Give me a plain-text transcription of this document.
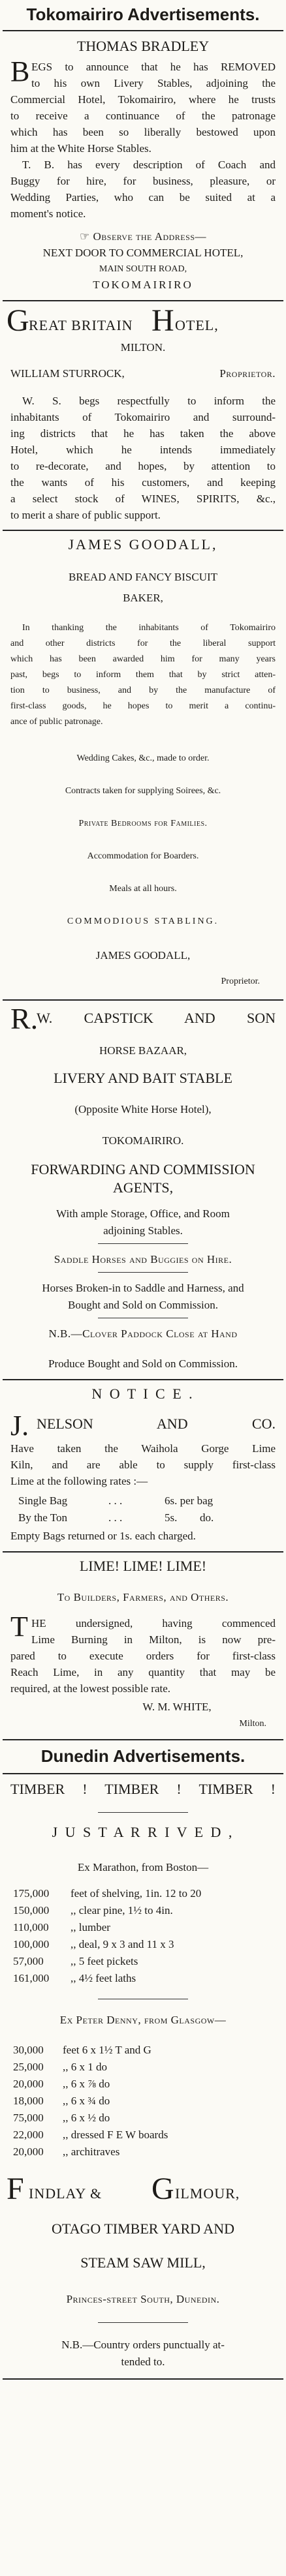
Tokomairiro Advertisements.
THOMAS BRADLEY
B EGS to announce that he has REMOVED
to his own Livery Stables, adjoining the
Commercial Hotel, Tokomairiro, where he trusts
to receive a continuance of the patronage
which has been so liberally bestowed upon
him at the White Horse Stables.
T. B. has every description of Coach and
Buggy for hire, for business, pleasure, or
Wedding Parties, who can be suited at a
moment's notice.
☞ Observe the Address—
NEXT DOOR TO COMMERCIAL HOTEL,
MAIN SOUTH ROAD,
TOKOMAIRIRO
G REAT BRITAIN H OTEL,
MILTON.
WILLIAM STURROCK,	Proprietor.
W. S. begs respectfully to inform the
inhabitants of Tokomairiro and surround-
ing districts that he has taken the above
Hotel, which he intends immediately
to re-decorate, and hopes, by attention to
the wants of his customers, and keeping
a select stock of WINES, SPIRITS, &c.,
to merit a share of public support.
JAMES GOODALL,
BREAD AND FANCY BISCUIT
BAKER,
In thanking the inhabitants of Tokomairiro
and other districts for the liberal support
which has been awarded him for many years
past, begs to inform them that by strict atten-
tion to business, and by the manufacture of
first-class goods, he hopes to merit a continu-
ance of public patronage.
Wedding Cakes, &c., made to order.
Contracts taken for supplying Soirees, &c.
Private Bedrooms for Families.
Accommodation for Boarders.
Meals at all hours.
COMMODIOUS STABLING.
JAMES GOODALL,
Proprietor.
R.
W. CAPSTICK AND SON
HORSE BAZAAR,
LIVERY AND BAIT STABLE
(Opposite White Horse Hotel),
TOKOMAIRIRO.
FORWARDING AND COMMISSION
AGENTS,
With ample Storage, Office, and Room
adjoining Stables.
Saddle Horses and Buggies on Hire.
Horses Broken-in to Saddle and Harness, and
Bought and Sold on Commission.
N.B.—Clover Paddock Close at Hand
Produce Bought and Sold on Commission.
N O T I C E .
J. NELSON AND CO.
Have taken the Waihola Gorge Lime
Kiln, and are able to supply first-class
Lime at the following rates :—
Single Bag	. . .	6s. per bag
By the Ton	. . .	5s. do.
Empty Bags returned or 1s. each charged.
LIME! LIME! LIME!
To Builders, Farmers, and Others.
T HE undersigned, having commenced
Lime Burning in Milton, is now pre-
pared to execute orders for first-class
Reach Lime, in any quantity that may be
required, at the lowest possible rate.
W. M. WHITE,
Milton.
Dunedin Advertisements.
TIMBER ! TIMBER ! TIMBER !
J U S T A R R I V E D ,
Ex Marathon, from Boston—
175,000 feet of shelving, 1in. 12 to 20
150,000 ,, clear pine, 1½ to 4in.
110,000 ,, lumber
100,000 ,, deal, 9 x 3 and 11 x 3
57,000 ,, 5 feet pickets
161,000 ,, 4½ feet laths
Ex Peter Denny, from Glasgow—
30,000 feet 6 x 1½ T and G
25,000 ,, 6 x 1 do
20,000 ,, 6 x ⅞ do
18,000 ,, 6 x ¾ do
75,000 ,, 6 x ½ do
22,000 ,, dressed F E W boards
20,000 ,, architraves
F INDLAY & G ILMOUR,
OTAGO TIMBER YARD AND
STEAM SAW MILL,
Princes-street South, Dunedin.
N.B.—Country orders punctually at-
tended to.
